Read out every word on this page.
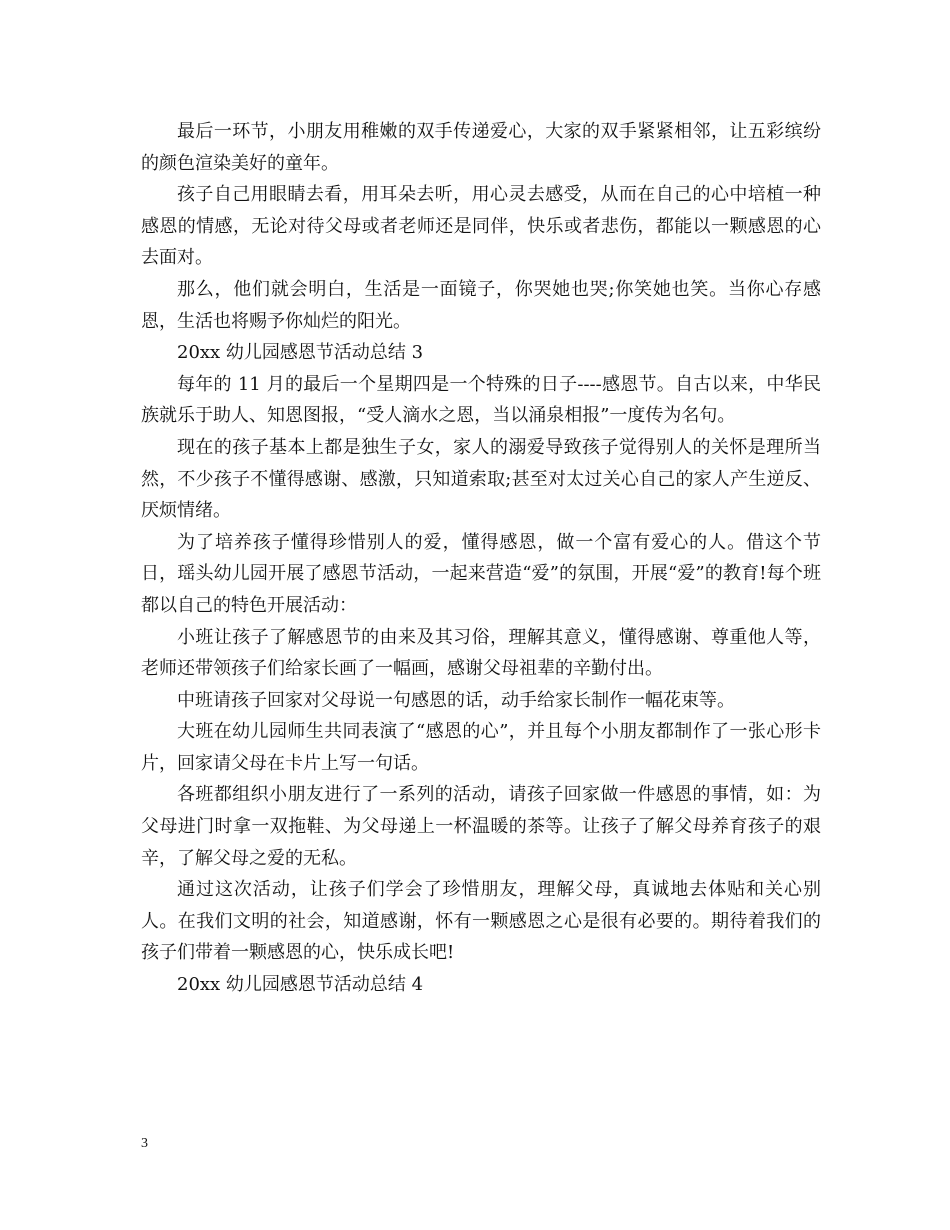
最后一环节，小朋友用稚嫩的双手传递爱心，大家的双手紧紧相邻，让五彩缤纷的颜色渲染美好的童年。

孩子自己用眼睛去看，用耳朵去听，用心灵去感受，从而在自己的心中培植一种感恩的情感，无论对待父母或者老师还是同伴，快乐或者悲伤，都能以一颗感恩的心去面对。

那么，他们就会明白，生活是一面镜子，你哭她也哭;你笑她也笑。当你心存感恩，生活也将赐予你灿烂的阳光。

20xx 幼儿园感恩节活动总结 3

每年的 11 月的最后一个星期四是一个特殊的日子----感恩节。自古以来，中华民族就乐于助人、知恩图报，“受人滴水之恩，当以涌泉相报”一度传为名句。

现在的孩子基本上都是独生子女，家人的溺爱导致孩子觉得别人的关怀是理所当然，不少孩子不懂得感谢、感激，只知道索取;甚至对太过关心自己的家人产生逆反、厌烦情绪。

为了培养孩子懂得珍惜别人的爱，懂得感恩，做一个富有爱心的人。借这个节日，瑶头幼儿园开展了感恩节活动，一起来营造“爱”的氛围，开展“爱”的教育!每个班都以自己的特色开展活动：

小班让孩子了解感恩节的由来及其习俗，理解其意义，懂得感谢、尊重他人等，老师还带领孩子们给家长画了一幅画，感谢父母祖辈的辛勤付出。

中班请孩子回家对父母说一句感恩的话，动手给家长制作一幅花束等。

大班在幼儿园师生共同表演了“感恩的心”，并且每个小朋友都制作了一张心形卡片，回家请父母在卡片上写一句话。

各班都组织小朋友进行了一系列的活动，请孩子回家做一件感恩的事情，如：为父母进门时拿一双拖鞋、为父母递上一杯温暖的茶等。让孩子了解父母养育孩子的艰辛，了解父母之爱的无私。

通过这次活动，让孩子们学会了珍惜朋友，理解父母，真诚地去体贴和关心别人。在我们文明的社会，知道感谢，怀有一颗感恩之心是很有必要的。期待着我们的孩子们带着一颗感恩的心，快乐成长吧!

20xx 幼儿园感恩节活动总结 4

3
